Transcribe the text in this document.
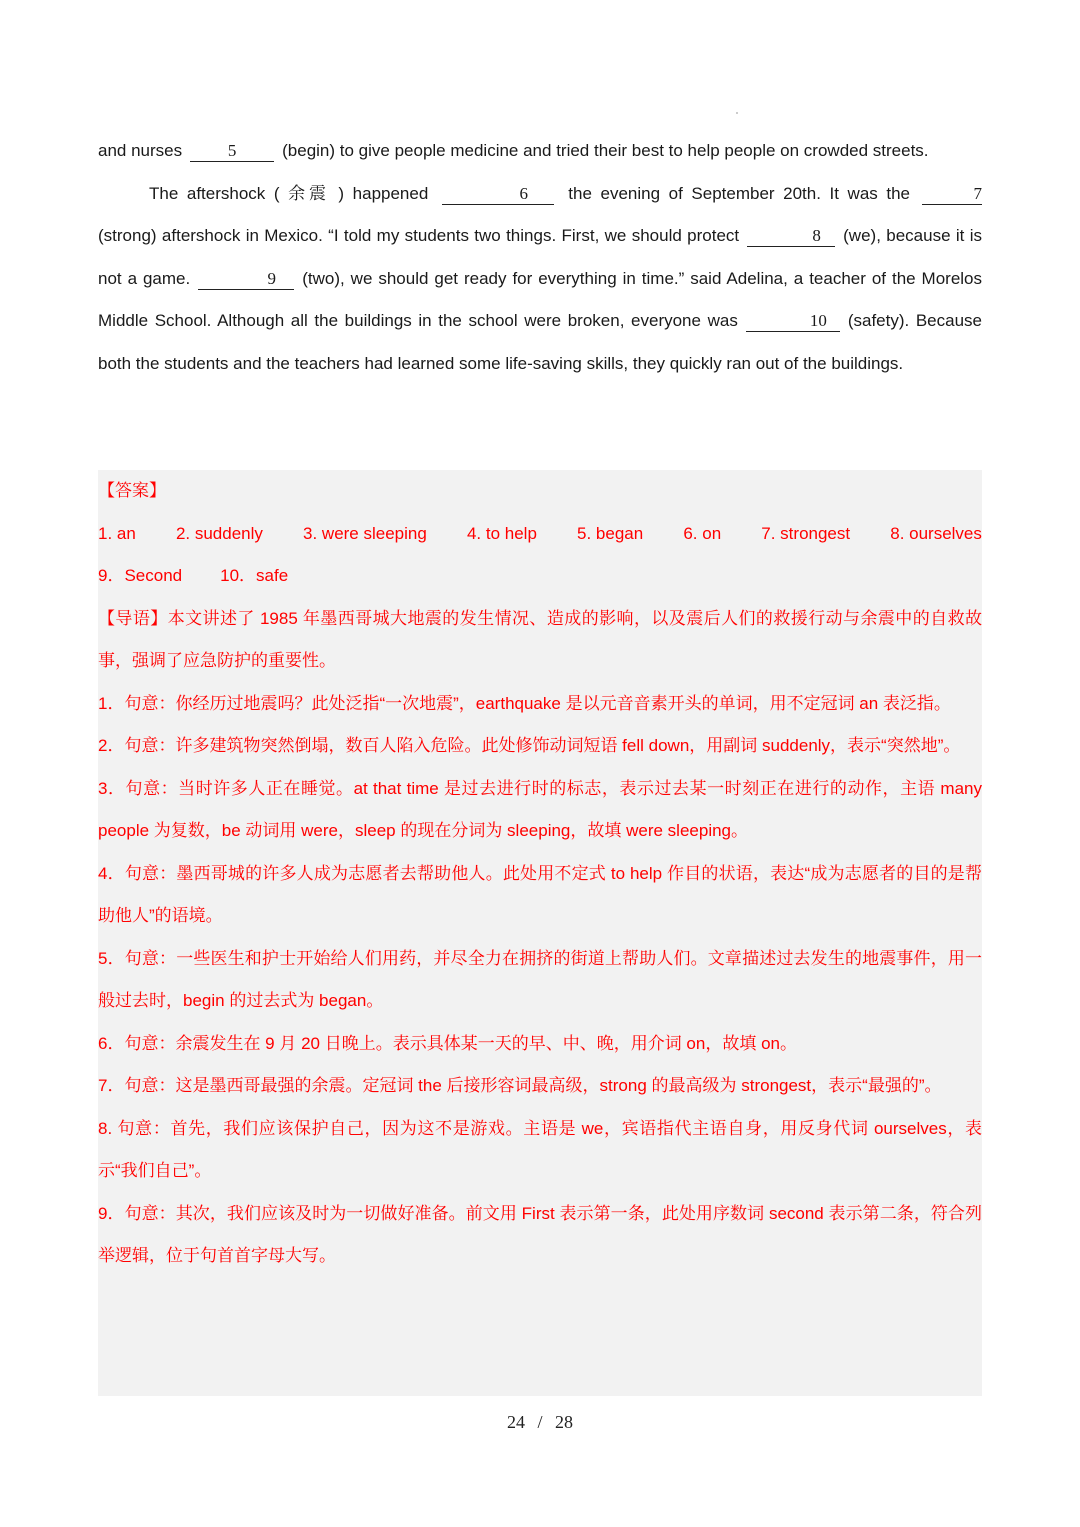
and nurses	5	(begin) to give people medicine and tried their best to help people on crowded streets.

The aftershock ( 余震 ) happened	6 the evening of September 20th. It was the	7 (strong) aftershock in Mexico. “I told my students two things. First, we should protect	8 (we), because it is not a game.	9 (two), we should get ready for everything in time.” said Adelina, a teacher of the Morelos Middle School. Although all the buildings in the school were broken, everyone was	10 (safety). Because both the students and the teachers had learned some life-saving skills, they quickly ran out of the buildings.

【答案】

1. an 2. suddenly 3. were sleeping 4. to help 5. began 6. on 7. strongest 8. ourselves
9．Second 10．safe

【导语】本文讲述了 1985 年墨西哥城大地震的发生情况、造成的影响，以及震后人们的救援行动与余震中的自救故事，强调了应急防护的重要性。

1．句意：你经历过地震吗？此处泛指“一次地震”，earthquake 是以元音音素开头的单词，用不定冠词 an 表泛指。

2．句意：许多建筑物突然倒塌，数百人陷入危险。此处修饰动词短语 fell down，用副词 suddenly，表示“突然地”。

3．句意：当时许多人正在睡觉。at that time 是过去进行时的标志，表示过去某一时刻正在进行的动作，主语 many people 为复数，be 动词用 were，sleep 的现在分词为 sleeping，故填 were sleeping。

4．句意：墨西哥城的许多人成为志愿者去帮助他人。此处用不定式 to help 作目的状语，表达“成为志愿者的目的是帮助他人”的语境。

5．句意：一些医生和护士开始给人们用药，并尽全力在拥挤的街道上帮助人们。文章描述过去发生的地震事件，用一般过去时，begin 的过去式为 began。

6．句意：余震发生在 9 月 20 日晚上。表示具体某一天的早、中、晚，用介词 on，故填 on。

7．句意：这是墨西哥最强的余震。定冠词 the 后接形容词最高级，strong 的最高级为 strongest，表示“最强的”。

8. 句意：首先，我们应该保护自己，因为这不是游戏。主语是 we，宾语指代主语自身，用反身代词 ourselves，表示“我们自己”。

9．句意：其次，我们应该及时为一切做好准备。前文用 First 表示第一条，此处用序数词 second 表示第二条，符合列举逻辑，位于句首首字母大写。

24 / 28
